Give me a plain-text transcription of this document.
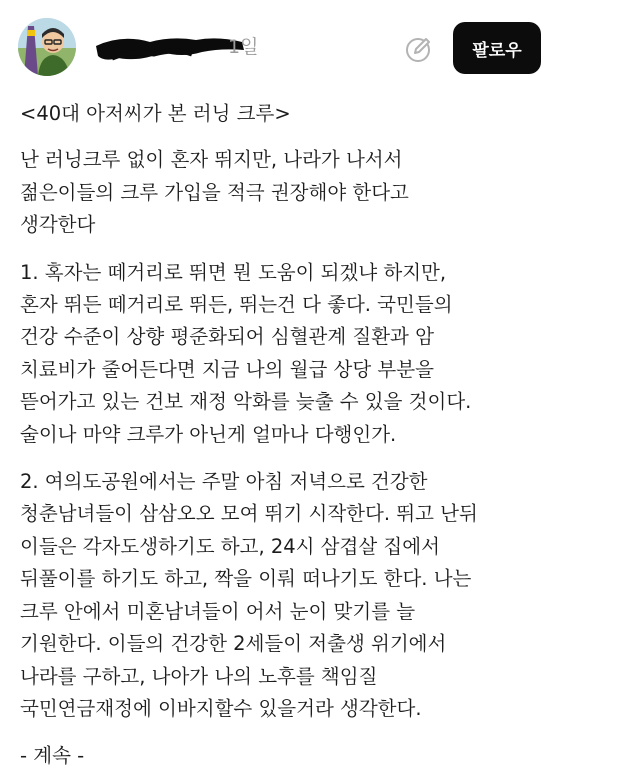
1일	팔로우

<40대 아저씨가 본 러닝 크루>

난 러닝크루 없이 혼자 뛰지만, 나라가 나서서
젊은이들의 크루 가입을 적극 권장해야 한다고
생각한다

1. 혹자는 떼거리로 뛰면 뭔 도움이 되겠냐 하지만,
혼자 뛰든 떼거리로 뛰든, 뛰는건 다 좋다. 국민들의
건강 수준이 상향 평준화되어 심혈관계 질환과 암
치료비가 줄어든다면 지금 나의 월급 상당 부분을
뜯어가고 있는 건보 재정 악화를 늦출 수 있을 것이다.
술이나 마약 크루가 아닌게 얼마나 다행인가.

2. 여의도공원에서는 주말 아침 저녁으로 건강한
청춘남녀들이 삼삼오오 모여 뛰기 시작한다. 뛰고 난뒤
이들은 각자도생하기도 하고, 24시 삼겹살 집에서
뒤풀이를 하기도 하고, 짝을 이뤄 떠나기도 한다. 나는
크루 안에서 미혼남녀들이 어서 눈이 맞기를 늘
기원한다. 이들의 건강한 2세들이 저출생 위기에서
나라를 구하고, 나아가 나의 노후를 책임질
국민연금재정에 이바지할수 있을거라 생각한다.

- 계속 -
